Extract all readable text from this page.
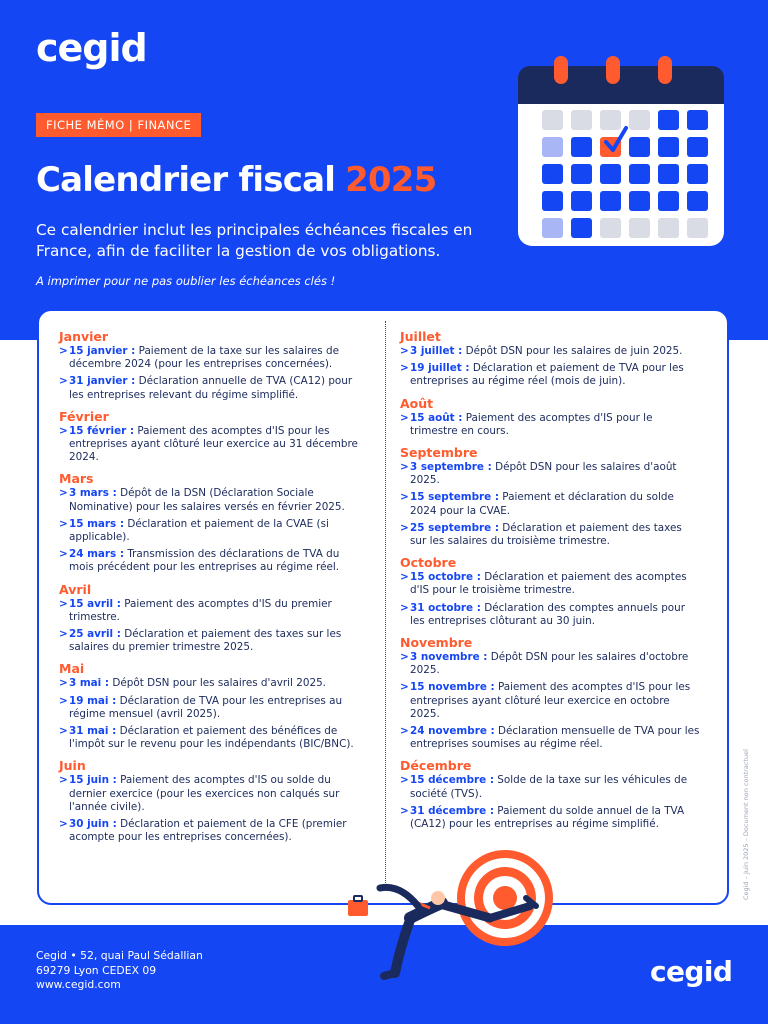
cegid
FICHE MÉMO | FINANCE
Calendrier fiscal 2025
Ce calendrier inclut les principales échéances fiscales en France, afin de faciliter la gestion de vos obligations.
A imprimer pour ne pas oublier les échéances clés !
Janvier
> 15 janvier : Paiement de la taxe sur les salaires de décembre 2024 (pour les entreprises concernées).
> 31 janvier : Déclaration annuelle de TVA (CA12) pour les entreprises relevant du régime simplifié.
Février
> 15 février : Paiement des acomptes d'IS pour les entreprises ayant clôturé leur exercice au 31 décembre 2024.
Mars
> 3 mars : Dépôt de la DSN (Déclaration Sociale Nominative) pour les salaires versés en février 2025.
> 15 mars : Déclaration et paiement de la CVAE (si applicable).
> 24 mars : Transmission des déclarations de TVA du mois précédent pour les entreprises au régime réel.
Avril
> 15 avril : Paiement des acomptes d'IS du premier trimestre.
> 25 avril : Déclaration et paiement des taxes sur les salaires du premier trimestre 2025.
Mai
> 3 mai : Dépôt DSN pour les salaires d'avril 2025.
> 19 mai : Déclaration de TVA pour les entreprises au régime mensuel (avril 2025).
> 31 mai : Déclaration et paiement des bénéfices de l'impôt sur le revenu pour les indépendants (BIC/BNC).
Juin
> 15 juin : Paiement des acomptes d'IS ou solde du dernier exercice (pour les exercices non calqués sur l'année civile).
> 30 juin : Déclaration et paiement de la CFE (premier acompte pour les entreprises concernées).
Juillet
> 3 juillet : Dépôt DSN pour les salaires de juin 2025.
> 19 juillet : Déclaration et paiement de TVA pour les entreprises au régime réel (mois de juin).
Août
> 15 août : Paiement des acomptes d'IS pour le trimestre en cours.
Septembre
> 3 septembre : Dépôt DSN pour les salaires d'août 2025.
> 15 septembre : Paiement et déclaration du solde 2024 pour la CVAE.
> 25 septembre : Déclaration et paiement des taxes sur les salaires du troisième trimestre.
Octobre
> 15 octobre : Déclaration et paiement des acomptes d'IS pour le troisième trimestre.
> 31 octobre : Déclaration des comptes annuels pour les entreprises clôturant au 30 juin.
Novembre
> 3 novembre : Dépôt DSN pour les salaires d'octobre 2025.
> 15 novembre : Paiement des acomptes d'IS pour les entreprises ayant clôturé leur exercice en octobre 2025.
> 24 novembre : Déclaration mensuelle de TVA pour les entreprises soumises au régime réel.
Décembre
> 15 décembre : Solde de la taxe sur les véhicules de société (TVS).
> 31 décembre : Paiement du solde annuel de la TVA (CA12) pour les entreprises au régime simplifié.	Cegid – Juin 2025 – Document non contractuel
Cegid • 52, quai Paul Sédallian
69279 Lyon CEDEX 09
www.cegid.com	cegid
